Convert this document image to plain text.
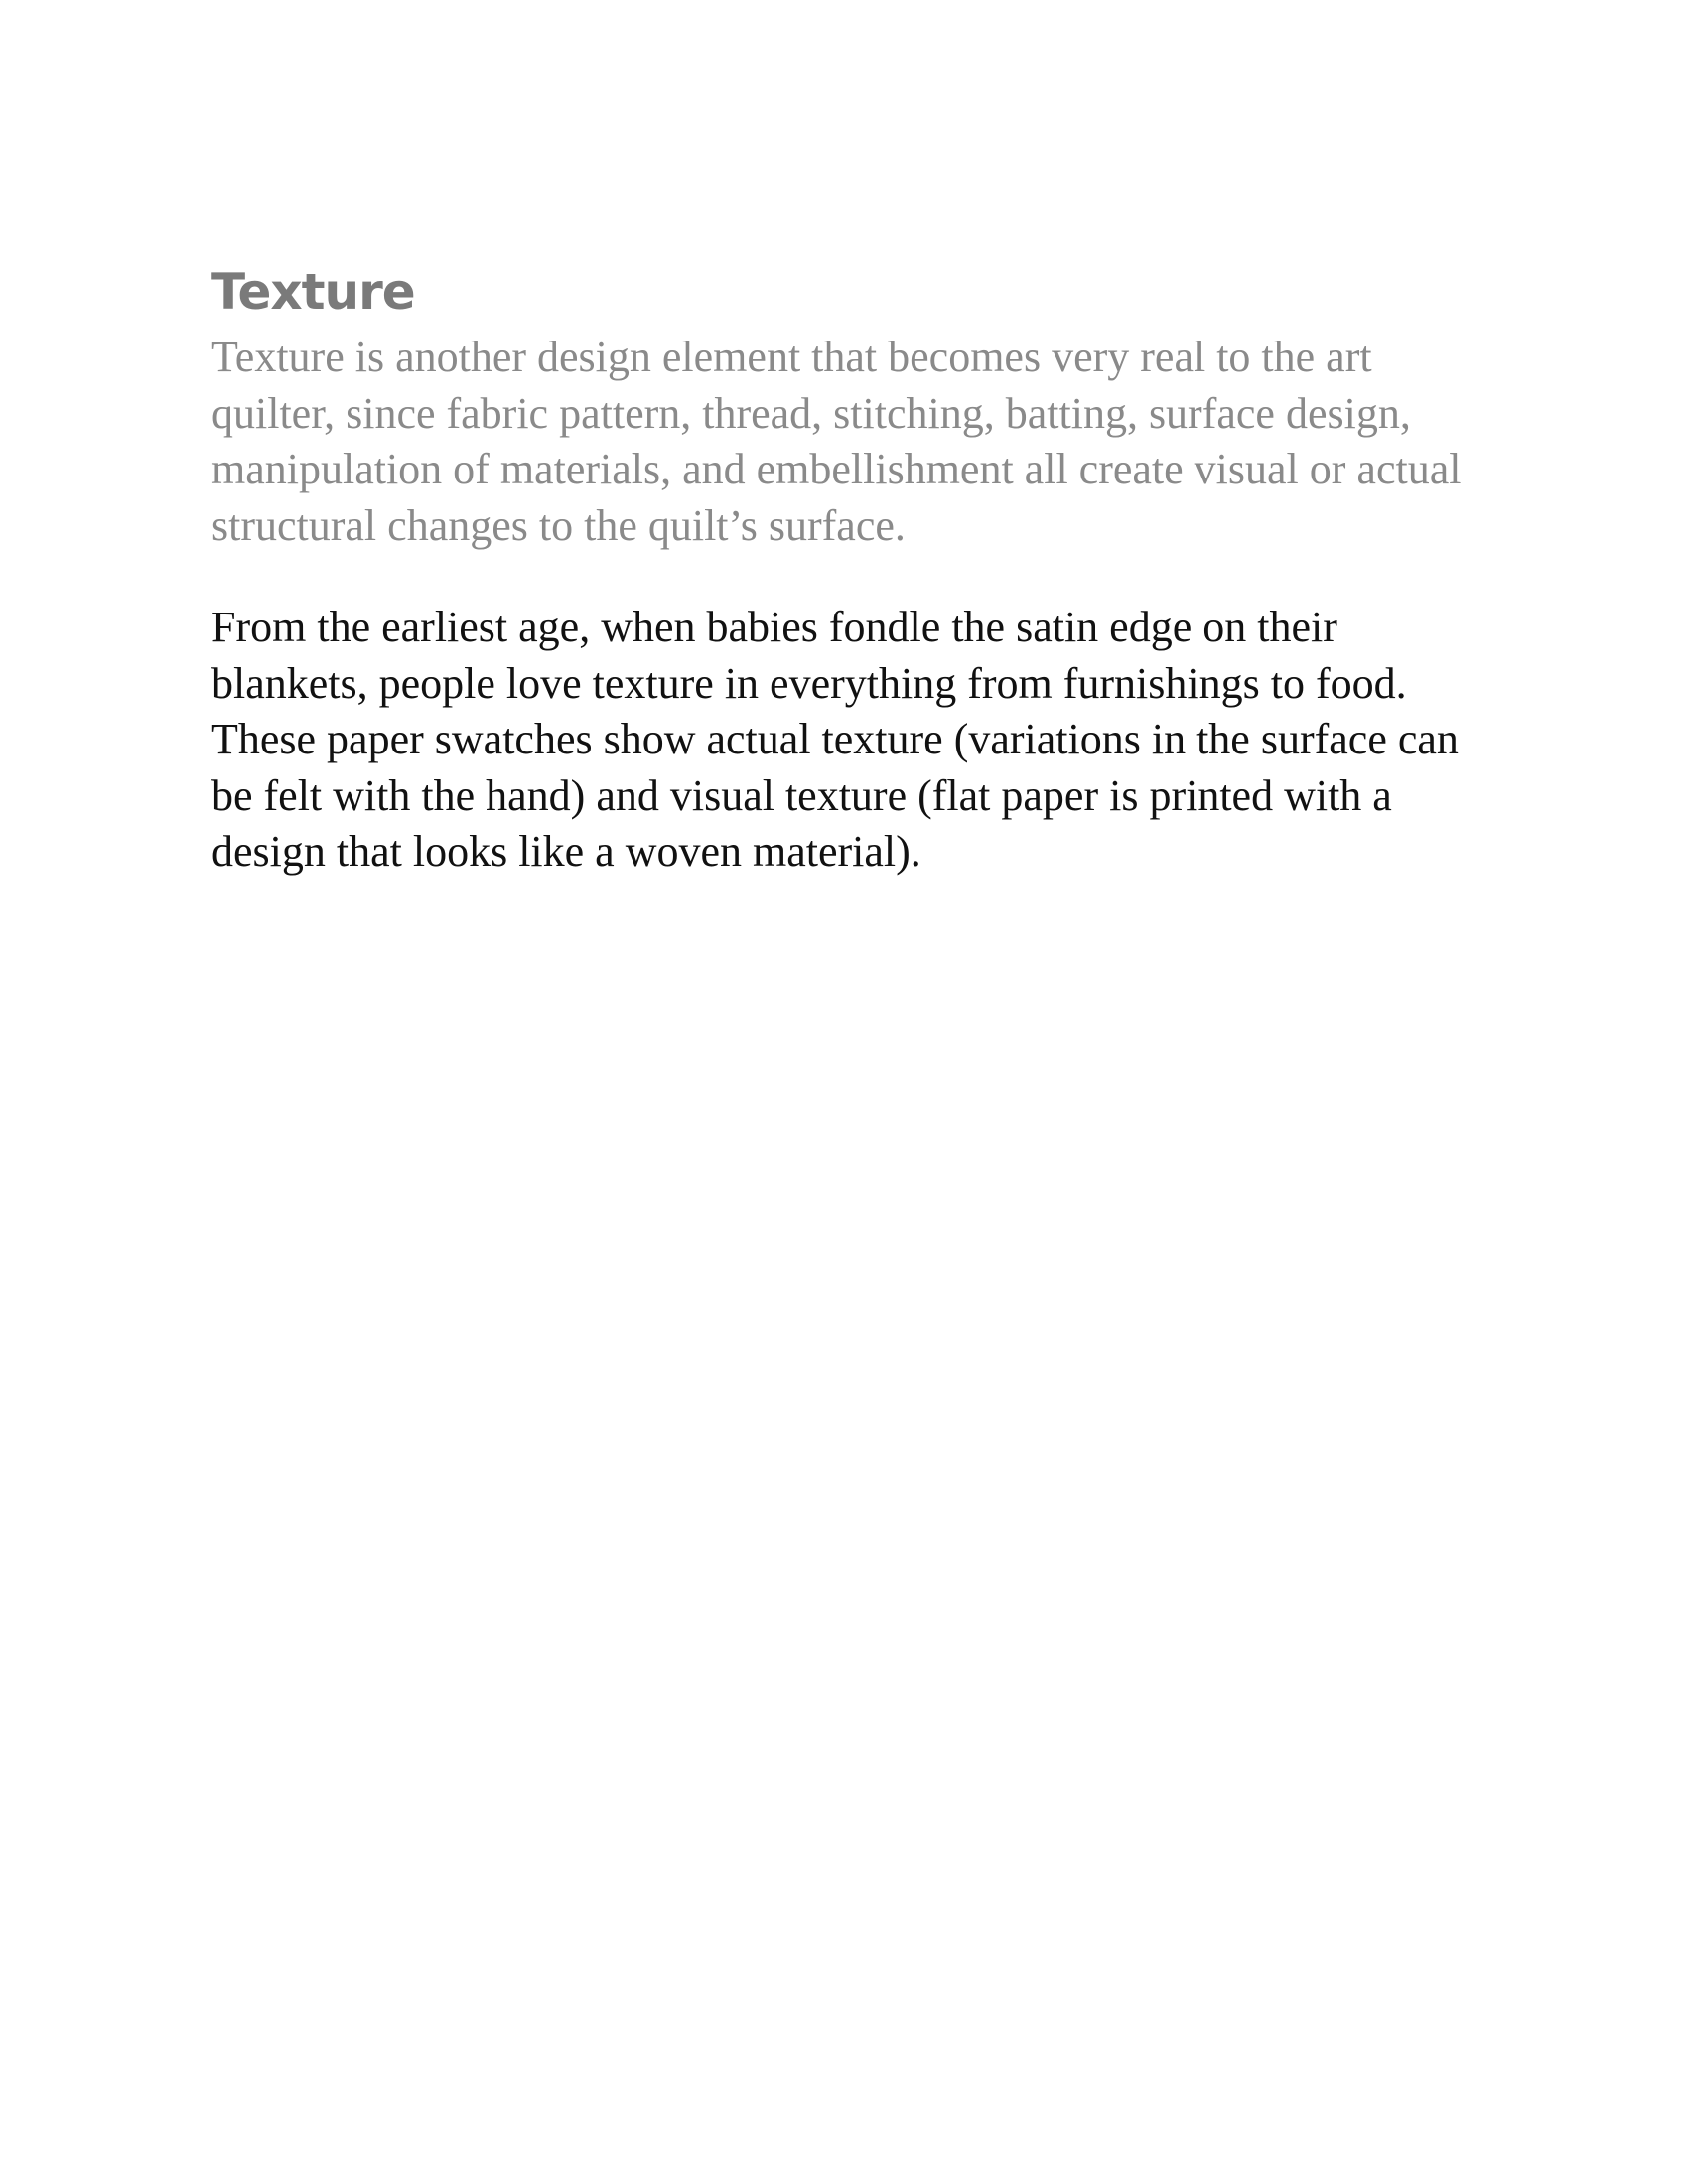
Texture

Texture is another design element that becomes very real to the art quilter, since fabric pattern, thread, stitching, batting, surface design, manipulation of materials, and embellishment all create visual or actual structural changes to the quilt’s surface.

From the earliest age, when babies fondle the satin edge on their blankets, people love texture in everything from furnishings to food. These paper swatches show actual texture (variations in the surface can be felt with the hand) and visual texture (flat paper is printed with a design that looks like a woven material).
